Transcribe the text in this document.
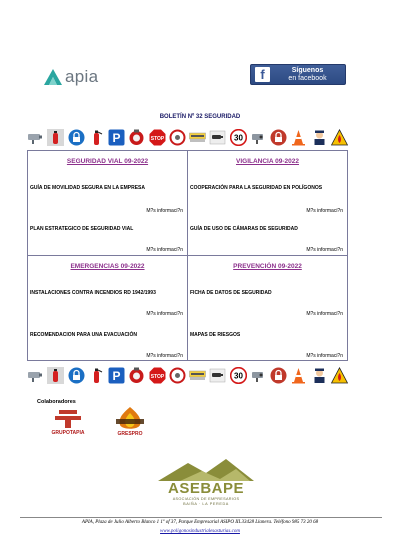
apia	f	Síguenos
en facebook
BOLETÍN Nº 32 SEGURIDAD
P	STOP	30
SEGURIDAD VIAL 09-2022
GUÍA DE MOVILIDAD SEGURA EN LA EMPRESA
M?s informaci?n
PLAN ESTRATEGICO DE SEGURIDAD VIAL
M?s informaci?n
VIGILANCIA 09-2022
COOPERACIÓN PARA LA SEGURIDAD EN POLÍGONOS
M?s informaci?n
GUÍA DE USO DE CÁMARAS DE SEGURIDAD
M?s informaci?n
EMERGENCIAS 09-2022
INSTALACIONES CONTRA INCENDIOS RD 1942/1993
M?s informaci?n
RECOMENDACION PARA UNA EVACUACIÓN
M?s informaci?n
PREVENCIÓN 09-2022
FICHA DE DATOS DE SEGURIDAD
M?s informaci?n
MAPAS DE RIESGOS
M?s informaci?n
P	STOP	30
Colaboradores
GRUPOTAPIA	GRESPRO
ASEBAPE
ASOCIACIÓN DE EMPRESARIOS
BAIÑA · LA PEREDA
APIA, Plaza de Julio Alberto Blanco 1 1º of 37, Parque Empresarial ASIPO III.33428 Llanera. Teléfono 985 73 20 68
www.poligonosindustrialesasturias.com
